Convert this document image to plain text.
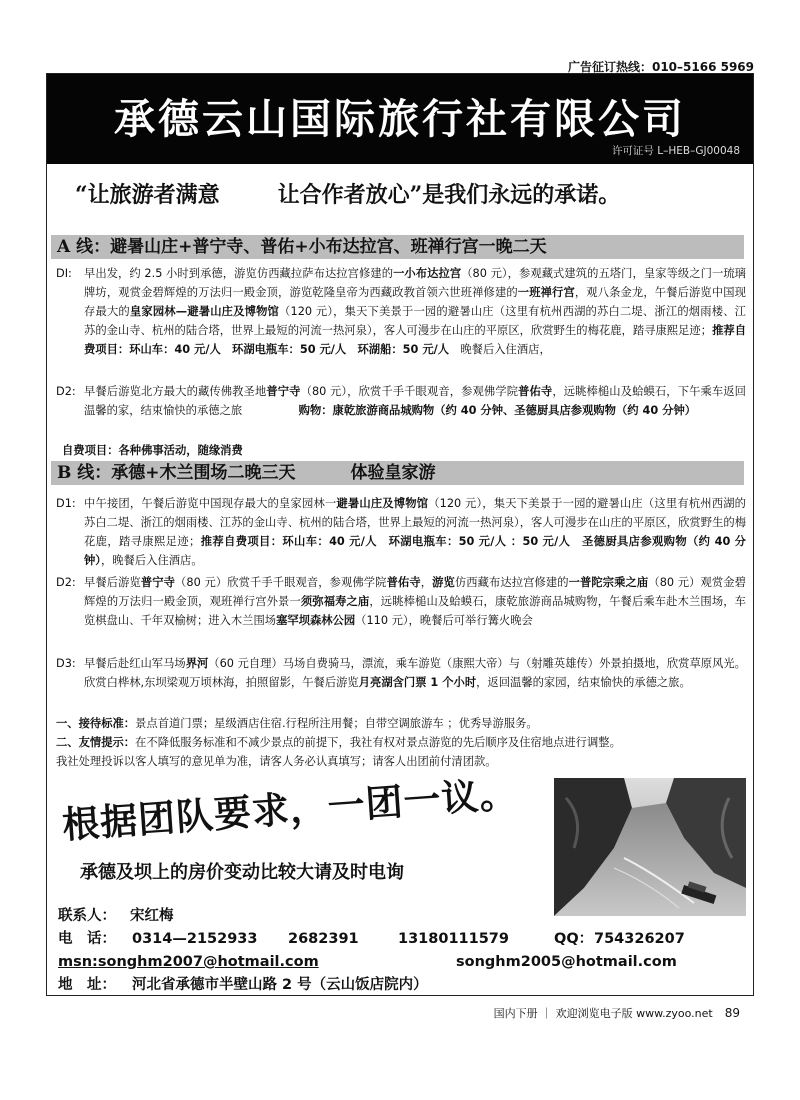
广告征订热线：010–5166 5969
承德云山国际旅行社有限公司
许可证号 L–HEB–GJ00048
“让旅游者满意	让合作者放心”是我们永远的承诺。
A 线：避暑山庄+普宁寺、普佑+小布达拉宫、班禅行宫一晚二天
DI:	早出发，约 2.5 小时到承德，游览仿西藏拉萨布达拉宫修建的一小布达拉宫（80 元），参观藏式建筑的五塔门，皇家等级之门一琉璃牌坊，观赏金碧辉煌的万法归一殿金顶，游览乾隆皇帝为西藏政教首领六世班禅修建的一班禅行宫，观八条金龙，午餐后游览中国现存最大的皇家园林—避暑山庄及博物馆（120 元），集天下美景于一园的避暑山庄（这里有杭州西湖的苏白二堤、浙江的烟雨楼、江苏的金山寺、杭州的陆合塔，世界上最短的河流一热河泉），客人可漫步在山庄的平原区，欣赏野生的梅花鹿，踏寻康熙足迹；推荐自费项目：环山车：40 元/人　环湖电瓶车：50 元/人　环湖船：50 元/人　晚餐后入住酒店，
D2: 早餐后游览北方最大的藏传佛教圣地普宁寺（80 元），欣赏千手千眼观音，参观佛学院普佑寺，远眺棒槌山及蛤蟆石，下午乘车返回温馨的家，结束愉快的承德之旅　　　　　购物：康乾旅游商品城购物（约 40 分钟、圣德厨具店参观购物（约 40 分钟）
自费项目：各种佛事活动，随缘消费
B 线：承德+木兰围场二晚三天	体验皇家游
D1: 中午接团，午餐后游览中国现存最大的皇家园林一避暑山庄及博物馆（120 元），集天下美景于一园的避暑山庄（这里有杭州西湖的苏白二堤、浙江的烟雨楼、江苏的金山寺、杭州的陆合塔，世界上最短的河流一热河泉），客人可漫步在山庄的平原区，欣赏野生的梅花鹿，踏寻康熙足迹；推荐自费项目：环山车：40 元/人　环湖电瓶车：50 元/人 ：50 元/人　圣德厨具店参观购物（约 40 分钟），晚餐后入住酒店。
D2: 早餐后游览普宁寺（80 元）欣赏千手千眼观音，参观佛学院普佑寺，游览仿西藏布达拉宫修建的一普陀宗乘之庙（80 元）观赏金碧辉煌的万法归一殿金顶，观班禅行宫外景一须弥福寿之庙，远眺棒槌山及蛤蟆石，康乾旅游商品城购物，午餐后乘车赴木兰围场，车览棋盘山、千年双榆树；进入木兰围场塞罕坝森林公园（110 元），晚餐后可举行篝火晚会
D3: 早餐后赴红山军马场界河（60 元自理）马场自费骑马，漂流，乘车游览（康熙大帝）与（射雕英雄传）外景拍摄地，欣赏草原风光。欣赏白桦林,东坝梁观万顷林海，拍照留影，午餐后游览月亮湖含门票 1 个小时，返回温馨的家园，结束愉快的承德之旅。
一、接待标准：景点首道门票；星级酒店住宿.行程所注用餐；自带空调旅游车 ；优秀导游服务。
二、友情提示：在不降低服务标准和不减少景点的前提下，我社有权对景点游览的先后顺序及住宿地点进行调整。
我社处理投诉以客人填写的意见单为准，请客人务必认真填写；请客人出团前付清团款。
根据团队要求，一团一议。
承德及坝上的房价变动比较大请及时电询
联系人： 宋红梅
电　话： 0314—2152933 2682391	13180111579	QQ： 754326207
msn:songhm2007@hotmail.com	songhm2005@hotmail.com
地　址： 河北省承德市半壁山路 2 号（云山饭店院内）
国内下册 ｜ 欢迎浏览电子版 www.zyoo.net 89
